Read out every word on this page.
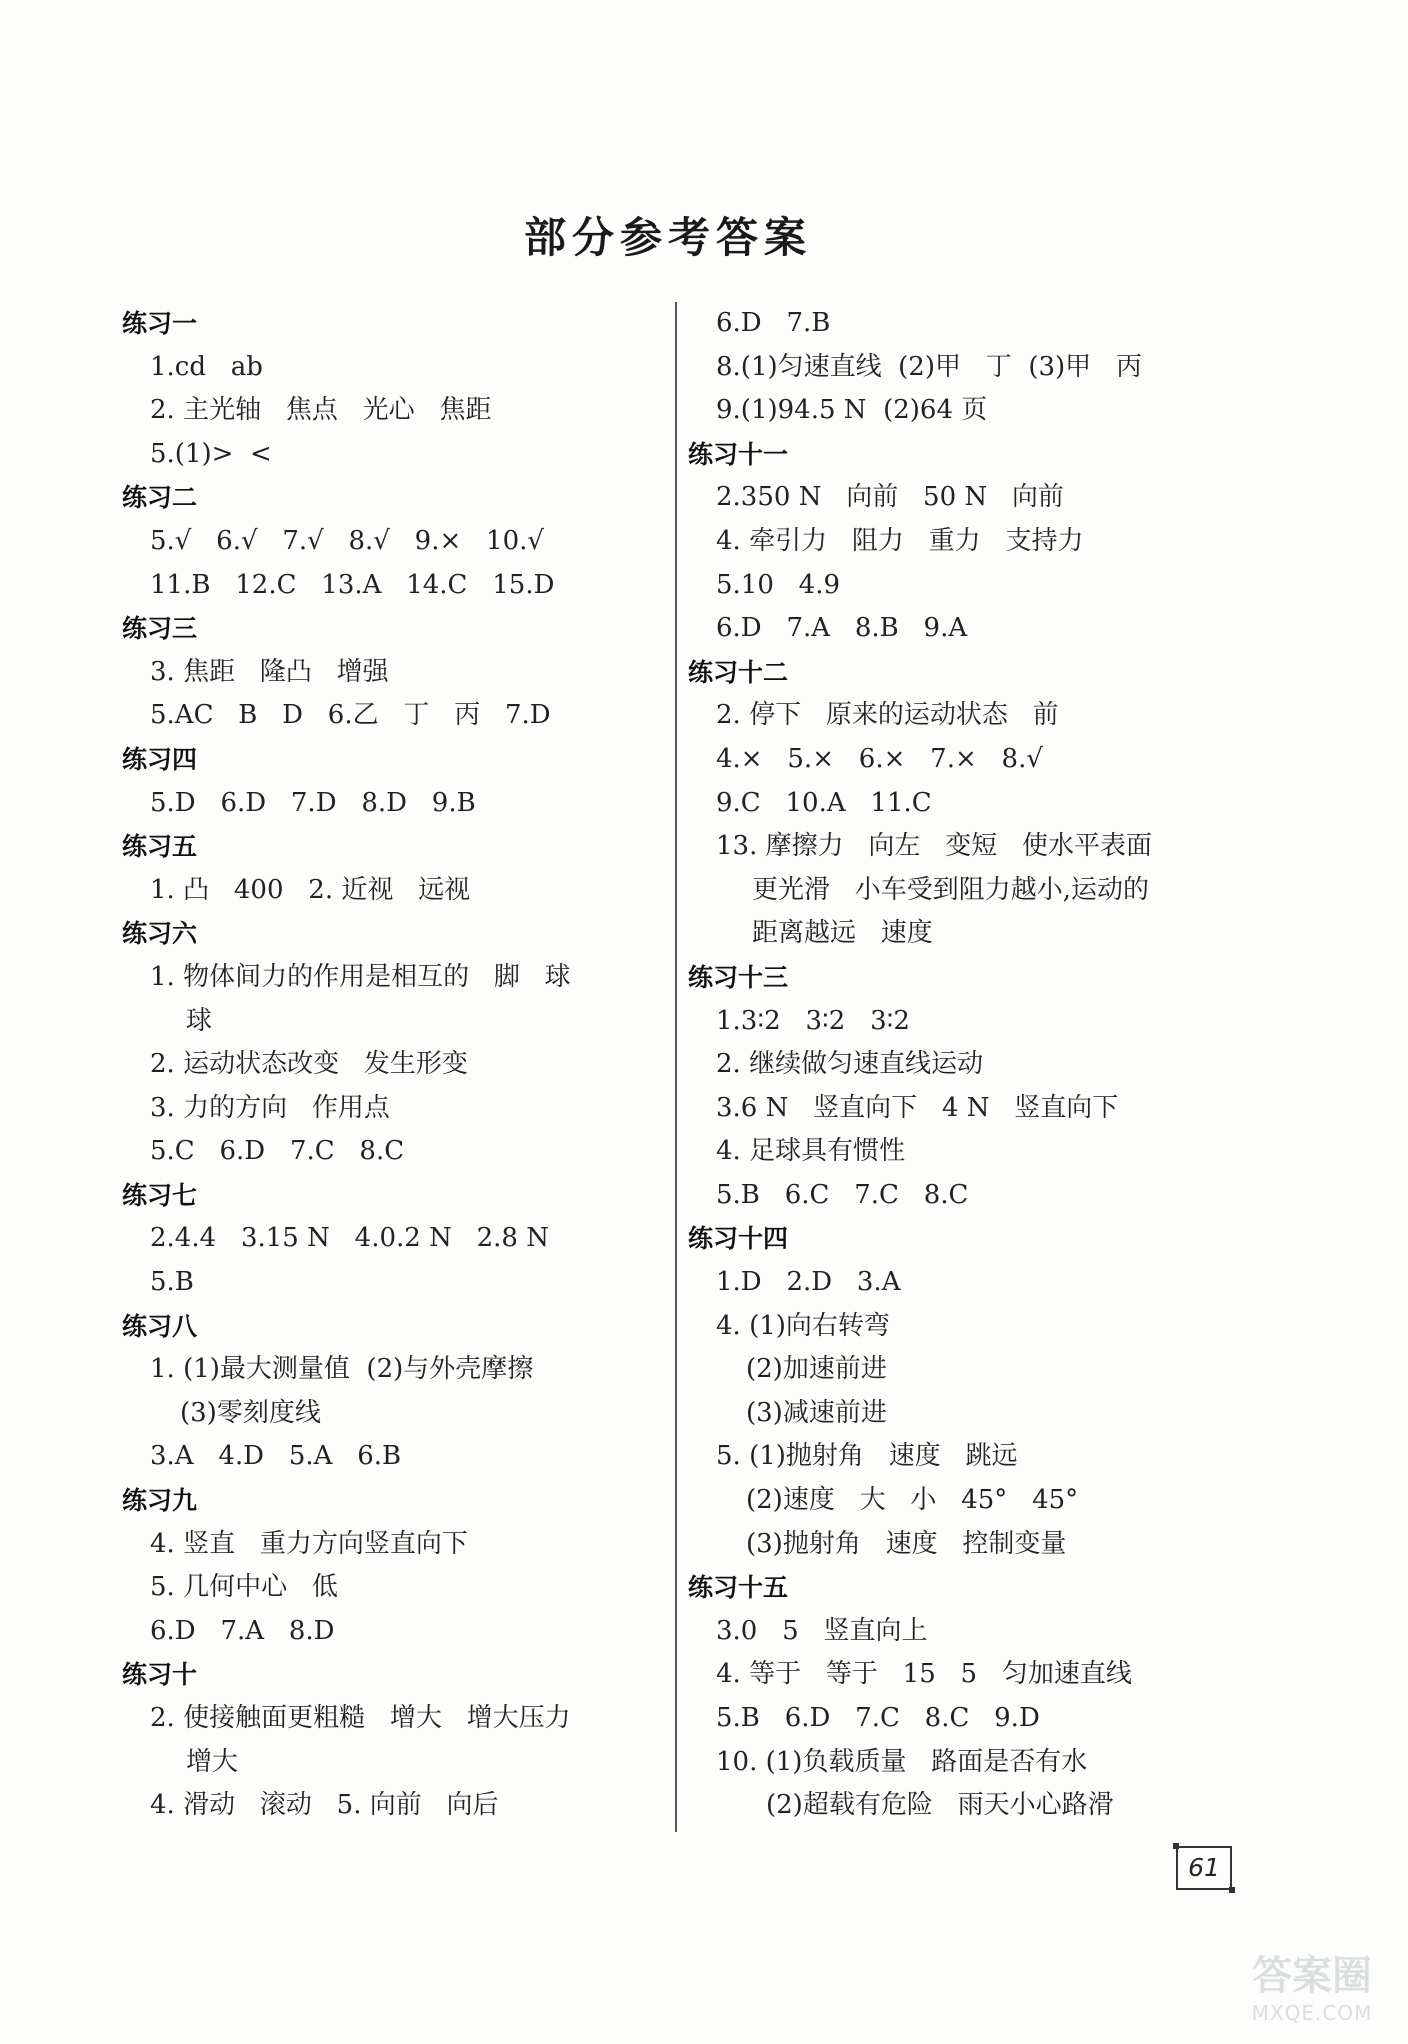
部分参考答案
练习一
1.cd   ab
2. 主光轴   焦点   光心   焦距
5.(1)>  <
练习二
5.√   6.√   7.√   8.√   9.×   10.√
11.B   12.C   13.A   14.C   15.D
练习三
3. 焦距   隆凸   增强
5.AC   B   D   6.乙   丁   丙   7.D
练习四
5.D   6.D   7.D   8.D   9.B
练习五
1. 凸   400   2. 近视   远视
练习六
1. 物体间力的作用是相互的   脚   球
球
2. 运动状态改变   发生形变
3. 力的方向   作用点
5.C   6.D   7.C   8.C
练习七
2.4.4   3.15 N   4.0.2 N   2.8 N
5.B
练习八
1. (1)最大测量值  (2)与外壳摩擦
(3)零刻度线
3.A   4.D   5.A   6.B
练习九
4. 竖直   重力方向竖直向下
5. 几何中心   低
6.D   7.A   8.D
练习十
2. 使接触面更粗糙   增大   增大压力
增大
4. 滑动   滚动   5. 向前   向后
6.D   7.B
8.(1)匀速直线  (2)甲   丁  (3)甲   丙
9.(1)94.5 N  (2)64 页
练习十一
2.350 N   向前   50 N   向前
4. 牵引力   阻力   重力   支持力
5.10   4.9
6.D   7.A   8.B   9.A
练习十二
2. 停下   原来的运动状态   前
4.×   5.×   6.×   7.×   8.√
9.C   10.A   11.C
13. 摩擦力   向左   变短   使水平表面
更光滑   小车受到阻力越小,运动的
距离越远   速度
练习十三
1.3∶2   3∶2   3∶2
2. 继续做匀速直线运动
3.6 N   竖直向下   4 N   竖直向下
4. 足球具有惯性
5.B   6.C   7.C   8.C
练习十四
1.D   2.D   3.A
4. (1)向右转弯
(2)加速前进
(3)减速前进
5. (1)抛射角   速度   跳远
(2)速度   大   小   45°   45°
(3)抛射角   速度   控制变量
练习十五
3.0   5   竖直向上
4. 等于   等于   15   5   匀加速直线
5.B   6.D   7.C   8.C   9.D
10. (1)负载质量   路面是否有水
(2)超载有危险   雨天小心路滑
61
答案圈
MXQE.COM
